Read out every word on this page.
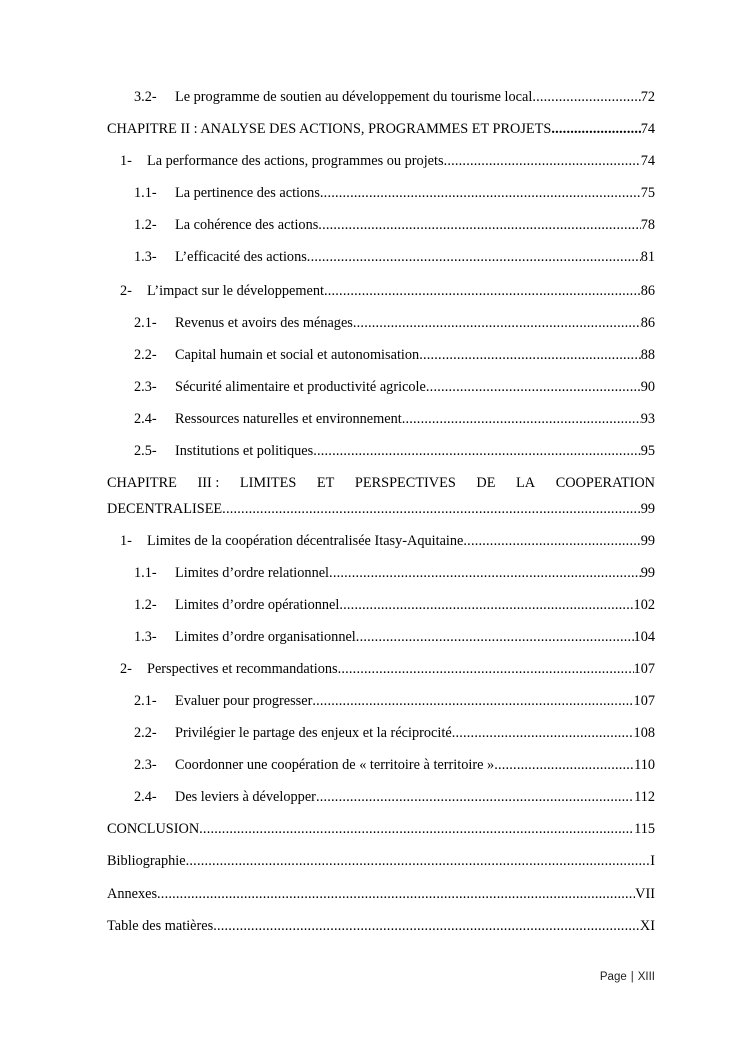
3.2-	Le programme de soutien au développement du tourisme local .....	72
CHAPITRE II : ANALYSE DES ACTIONS, PROGRAMMES ET PROJETS .....	74
1-	La performance des actions, programmes ou projets .....	74
1.1-	La pertinence des actions .....	75
1.2-	La cohérence des actions .....	78
1.3-	L’efficacité des actions .....	81
2-	L’impact sur le développement .....	86
2.1-	Revenus et avoirs des ménages .....	86
2.2-	Capital humain et social et autonomisation .....	88
2.3-	Sécurité alimentaire et productivité agricole .....	90
2.4-	Ressources naturelles et environnement .....	93
2.5-	Institutions et politiques .....	95
CHAPITRE III : LIMITES ET PERSPECTIVES DE LA COOPERATION
DECENTRALISEE .....	99
1-	Limites de la coopération décentralisée Itasy-Aquitaine .....	99
1.1-	Limites d’ordre relationnel .....	99
1.2-	Limites d’ordre opérationnel .....	102
1.3-	Limites d’ordre organisationnel .....	104
2-	Perspectives et recommandations .....	107
2.1-	Evaluer pour progresser .....	107
2.2-	Privilégier le partage des enjeux et la réciprocité .....	108
2.3-	Coordonner une coopération de « territoire à territoire » .....	110
2.4-	Des leviers à développer .....	112
CONCLUSION .....	115
Bibliographie .....	I
Annexes .....	VII
Table des matières .....	XI
Page | XIII
